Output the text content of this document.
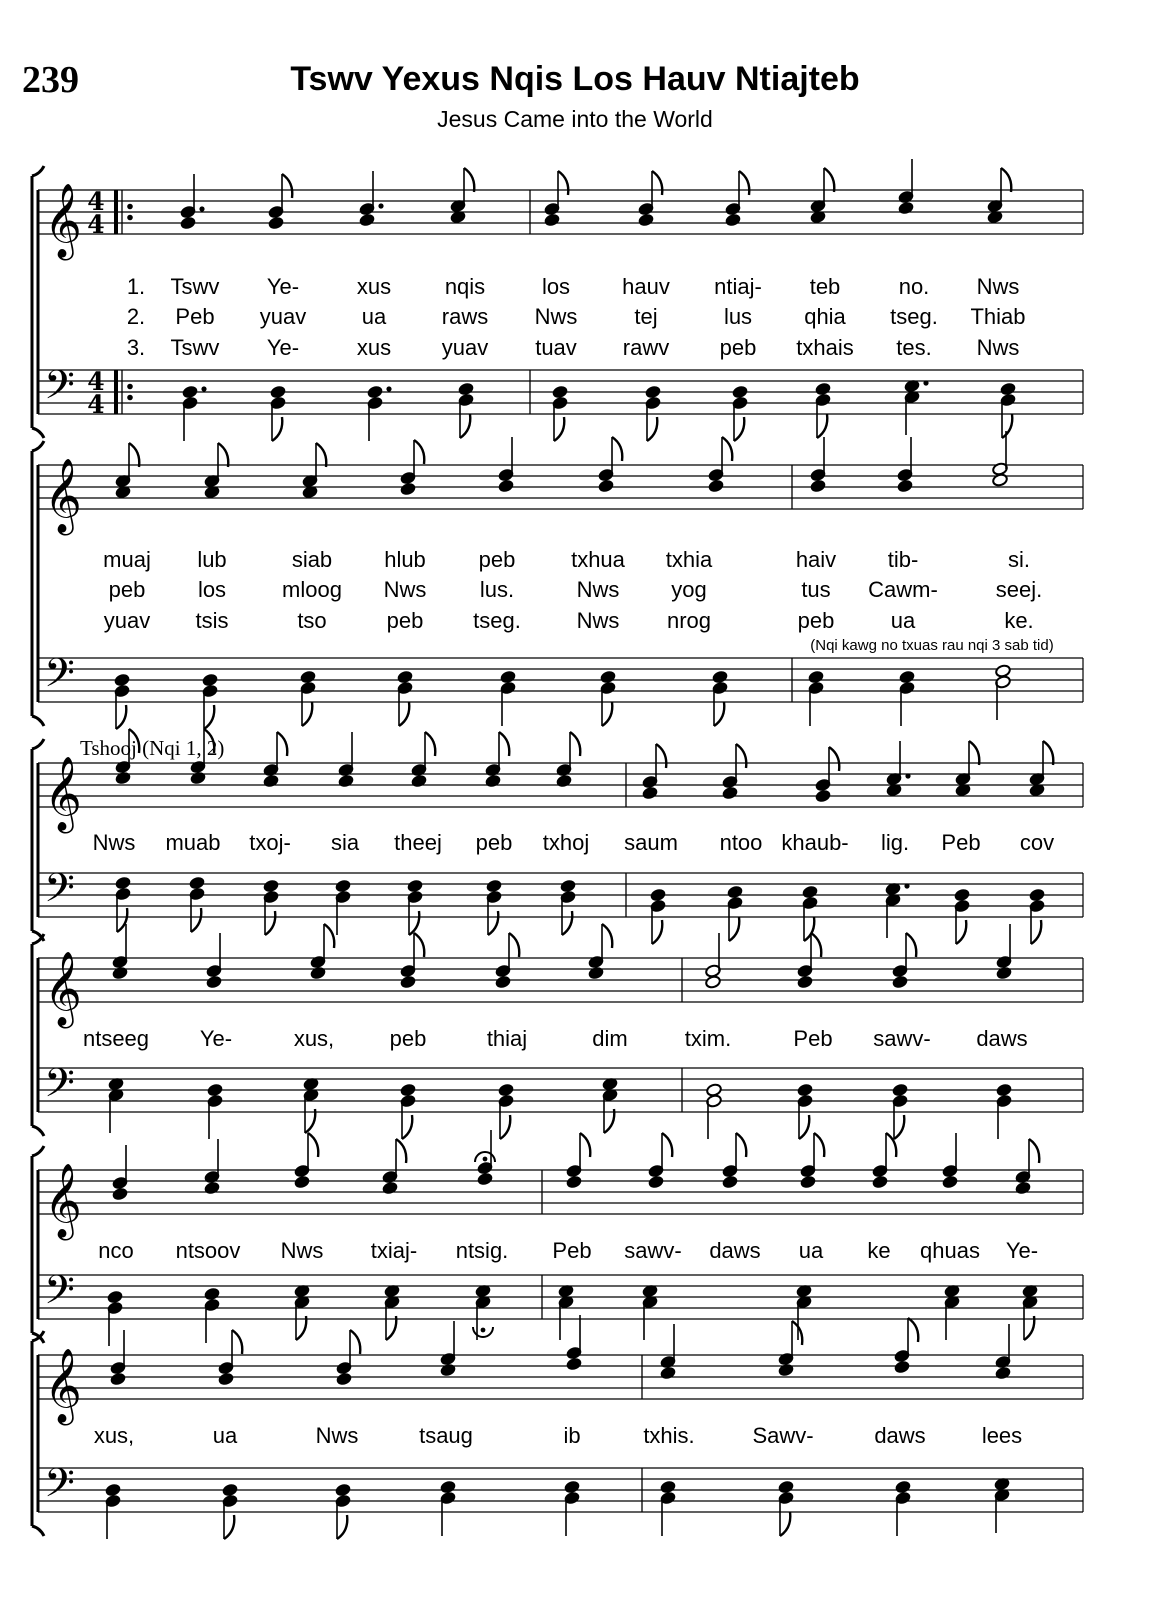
239	Tswv Yexus Nqis Los Hauv Ntiajteb
Jesus Came into the World
4
4
4
4
1. Tswv Ye-	xus nqis	los hauv ntiaj- teb	no. Nws
2. Peb yuav	ua	raws Nws	tej	lus qhia tseg. Thiab
3. Tswv Ye-	xus yuav tuav rawv peb txhais tes. Nws
𝄞
𝄢
muaj lub	siab hlub peb	txhua txhia	haiv tib-	si.
peb los	mloog Nws lus.	Nws yog	tus Cawm-	seej.
yuav tsis	tso	peb tseg.	Nws nrog	peb	ua	ke.
(Nqi kawg no txuas rau nqi 3 sab tid)
𝄞
𝄢
Nws muab txoj- sia theej peb txhoj saum ntoo khaub- lig. Peb cov
Tshooj (Nqi 1, 2)
𝄞
𝄢
ntseeg Ye-	xus,	peb	thiaj	dim	txim.	Peb sawv- daws
𝄞
𝄢
nco ntsoov Nws txiaj- ntsig. Peb sawv- daws ua ke qhuas Ye-
𝄞
𝄢
xus,	ua	Nws	tsaug	ib	txhis.	Sawv-	daws	lees
𝄞
𝄢
